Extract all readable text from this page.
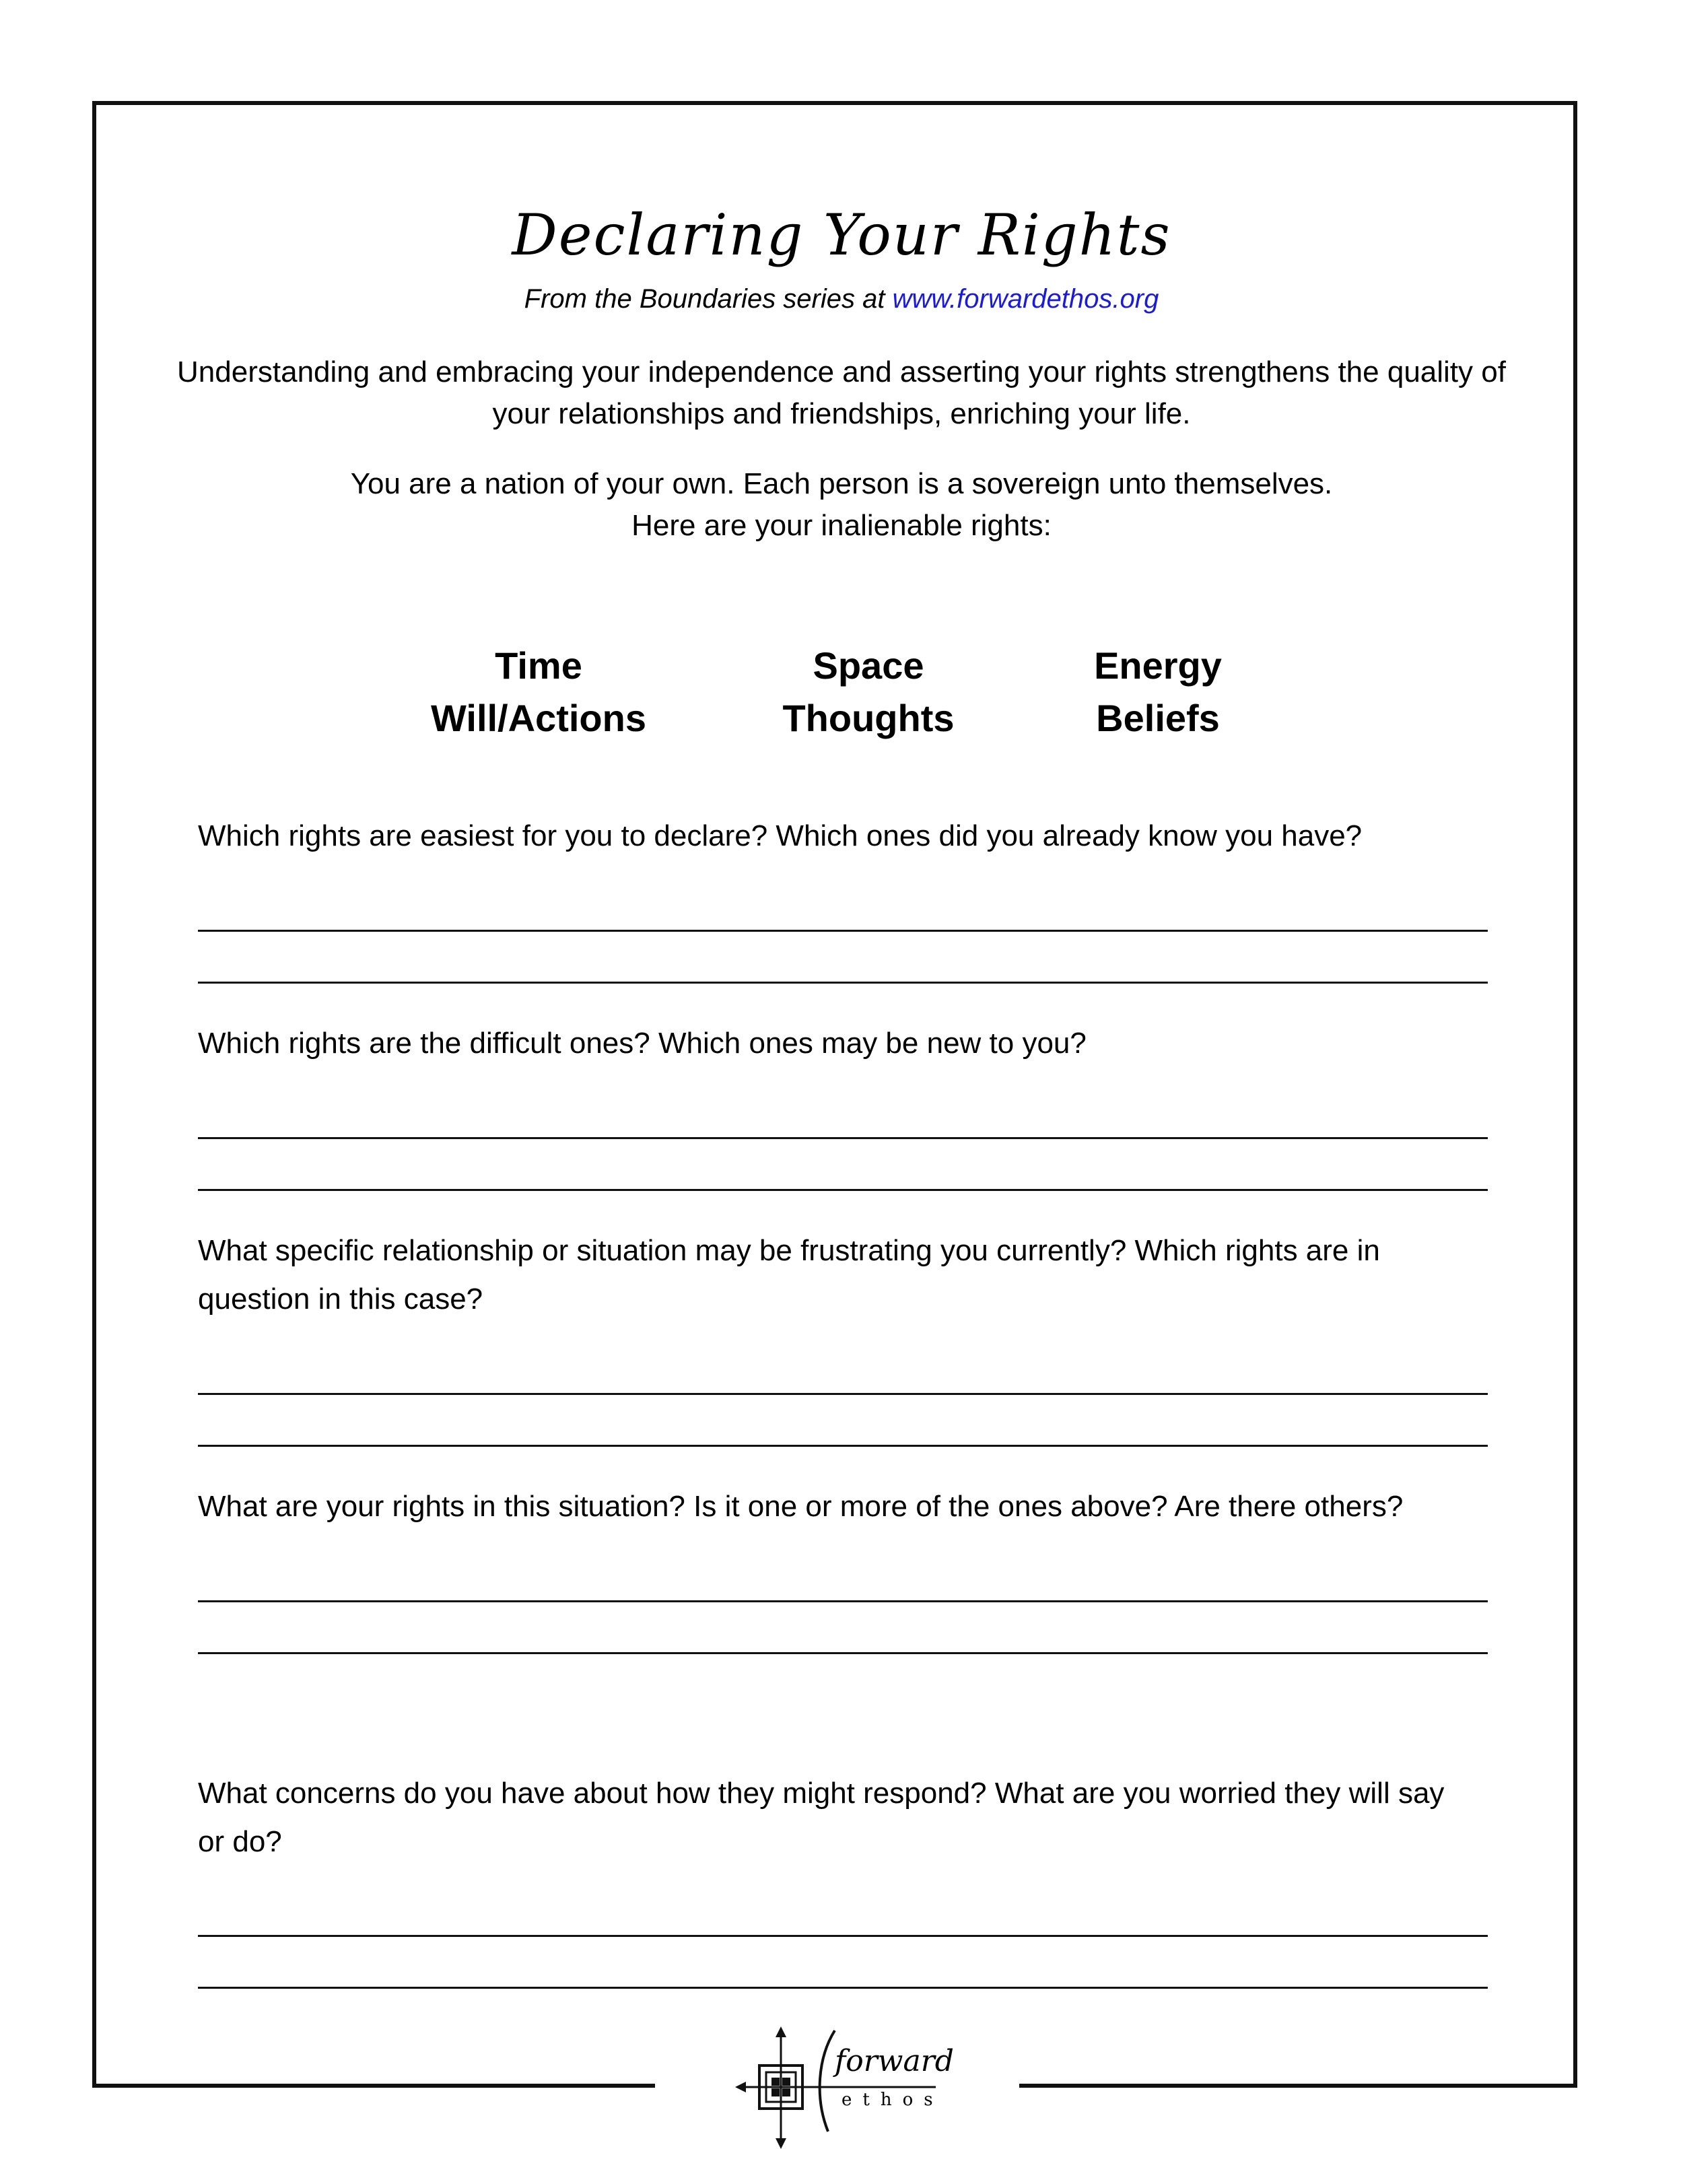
Declaring Your Rights
From the Boundaries series at www.forwardethos.org
Understanding and embracing your independence and asserting your rights strengthens the quality of your relationships and friendships, enriching your life.
You are a nation of your own. Each person is a sovereign unto themselves.
Here are your inalienable rights:
Time
Will/Actions
Space
Thoughts
Energy
Beliefs
Which rights are easiest for you to declare? Which ones did you already know you have?
Which rights are the difficult ones? Which ones may be new to you?
What specific relationship or situation may be frustrating you currently? Which rights are in question in this case?
What are your rights in this situation? Is it one or more of the ones above? Are there others?
What concerns do you have about how they might respond? What are you worried they will say or do?
forward
ethos
